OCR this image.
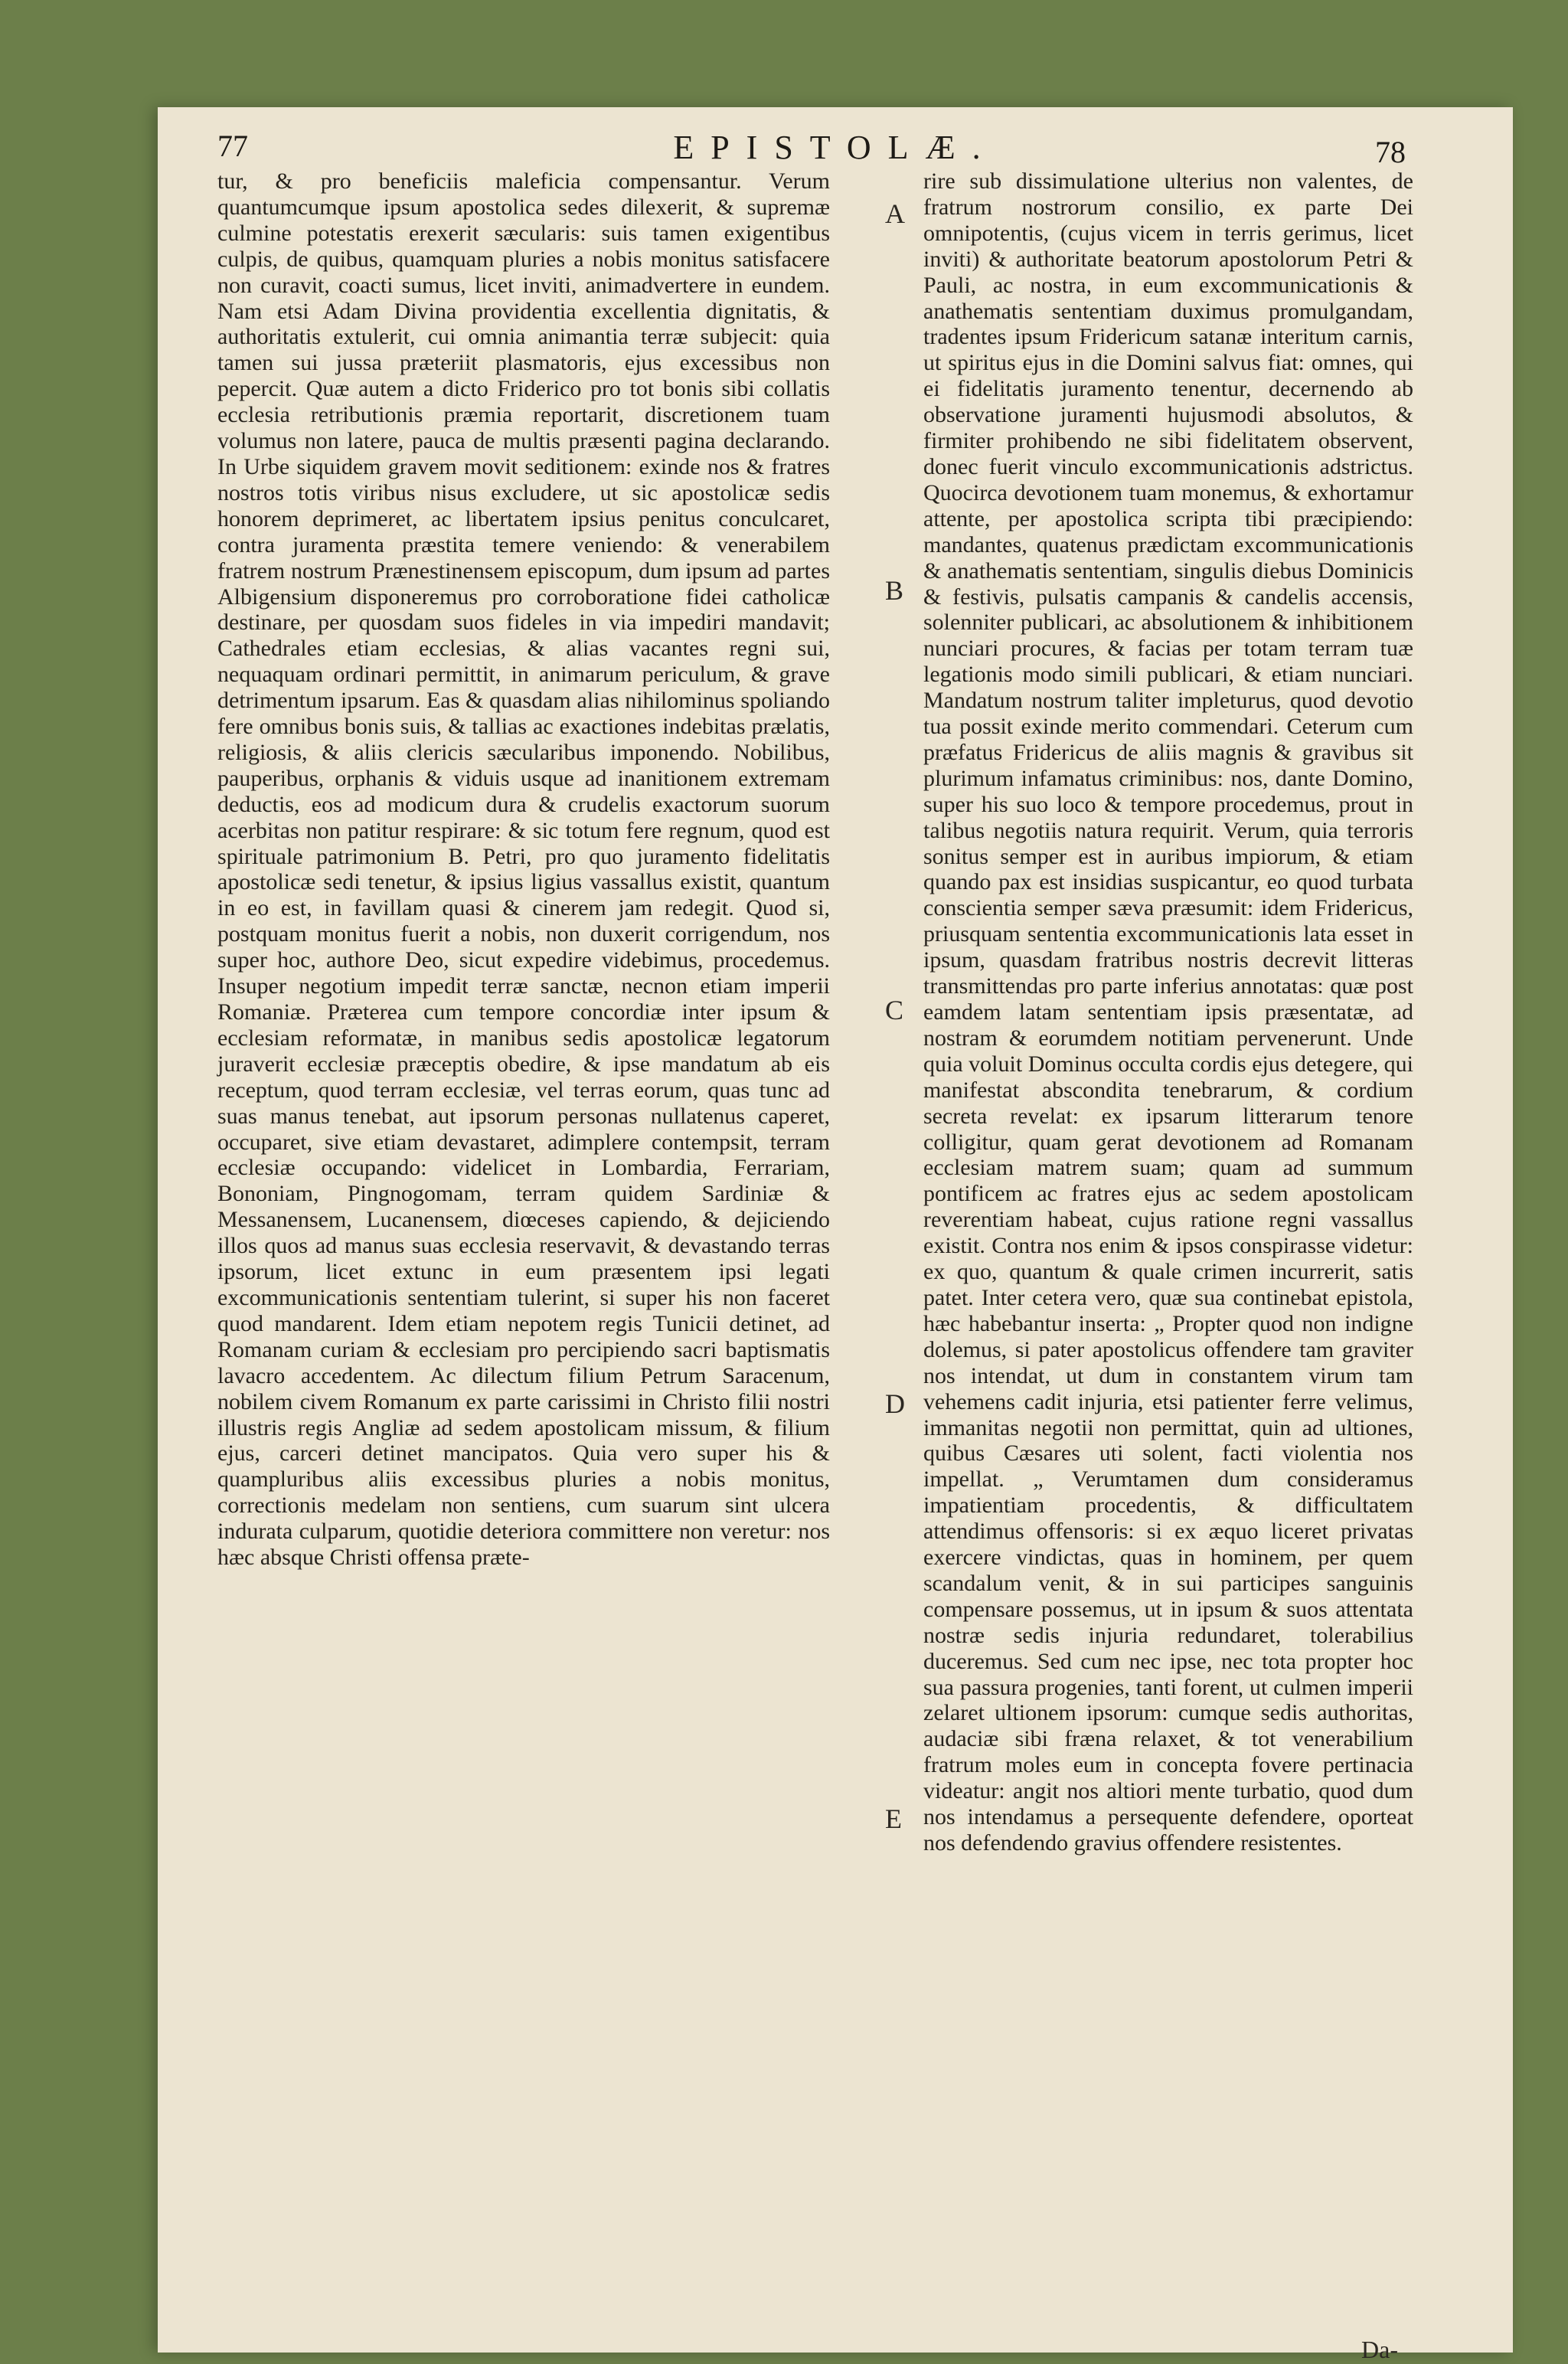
77	EPISTOLÆ.	78

tur, & pro beneficiis maleficia compensantur. Verum quantumcumque ipsum apostolica sedes dilexerit, & supremæ culmine potestatis erexerit sæcularis: suis tamen exigentibus culpis, de quibus, quamquam pluries a nobis monitus satisfacere non curavit, coacti sumus, licet inviti, animadvertere in eundem. Nam etsi Adam Divina providentia excellentia dignitatis, & authoritatis extulerit, cui omnia animantia terræ subjecit: quia tamen sui jussa præteriit plasmatoris, ejus excessibus non pepercit. Quæ autem a dicto Friderico pro tot bonis sibi collatis ecclesia retributionis præmia reportarit, discretionem tuam volumus non latere, pauca de multis præsenti pagina declarando. In Urbe siquidem gravem movit seditionem: exinde nos & fratres nostros totis viribus nisus excludere, ut sic apostolicæ sedis honorem deprimeret, ac libertatem ipsius penitus conculcaret, contra juramenta præstita temere veniendo: & venerabilem fratrem nostrum Prænestinensem episcopum, dum ipsum ad partes Albigensium disponeremus pro corroboratione fidei catholicæ destinare, per quosdam suos fideles in via impediri mandavit; Cathedrales etiam ecclesias, & alias vacantes regni sui, nequaquam ordinari permittit, in animarum periculum, & grave detrimentum ipsarum. Eas & quasdam alias nihilominus spoliando fere omnibus bonis suis, & tallias ac exactiones indebitas prælatis, religiosis, & aliis clericis sæcularibus imponendo. Nobilibus, pauperibus, orphanis & viduis usque ad inanitionem extremam deductis, eos ad modicum dura & crudelis exactorum suorum acerbitas non patitur respirare: & sic totum fere regnum, quod est spirituale patrimonium B. Petri, pro quo juramento fidelitatis apostolicæ sedi tenetur, & ipsius ligius vassallus existit, quantum in eo est, in favillam quasi & cinerem jam redegit. Quod si, postquam monitus fuerit a nobis, non duxerit corrigendum, nos super hoc, authore Deo, sicut expedire videbimus, procedemus. Insuper negotium impedit terræ sanctæ, necnon etiam imperii Romaniæ. Præterea cum tempore concordiæ inter ipsum & ecclesiam reformatæ, in manibus sedis apostolicæ legatorum juraverit ecclesiæ præceptis obedire, & ipse mandatum ab eis receptum, quod terram ecclesiæ, vel terras eorum, quas tunc ad suas manus tenebat, aut ipsorum personas nullatenus caperet, occuparet, sive etiam devastaret, adimplere contempsit, terram ecclesiæ occupando: videlicet in Lombardia, Ferrariam, Bononiam, Pingnogomam, terram quidem Sardiniæ & Messanensem, Lucanensem, diœceses capiendo, & dejiciendo illos quos ad manus suas ecclesia reservavit, & devastando terras ipsorum, licet extunc in eum præsentem ipsi legati excommunicationis sententiam tulerint, si super his non faceret quod mandarent. Idem etiam nepotem regis Tunicii detinet, ad Romanam curiam & ecclesiam pro percipiendo sacri baptismatis lavacro accedentem. Ac dilectum filium Petrum Saracenum, nobilem civem Romanum ex parte carissimi in Christo filii nostri illustris regis Angliæ ad sedem apostolicam missum, & filium ejus, carceri detinet mancipatos. Quia vero super his & quampluribus aliis excessibus pluries a nobis monitus, correctionis medelam non sentiens, cum suarum sint ulcera indurata culparum, quotidie deteriora committere non veretur: nos hæc absque Christi offensa præte-

rire sub dissimulatione ulterius non valentes, de fratrum nostrorum consilio, ex parte Dei omnipotentis, (cujus vicem in terris gerimus, licet inviti) & authoritate beatorum apostolorum Petri & Pauli, ac nostra, in eum excommunicationis & anathematis sententiam duximus promulgandam, tradentes ipsum Fridericum satanæ interitum carnis, ut spiritus ejus in die Domini salvus fiat: omnes, qui ei fidelitatis juramento tenentur, decernendo ab observatione juramenti hujusmodi absolutos, & firmiter prohibendo ne sibi fidelitatem observent, donec fuerit vinculo excommunicationis adstrictus. Quocirca devotionem tuam monemus, & exhortamur attente, per apostolica scripta tibi præcipiendo: mandantes, quatenus prædictam excommunicationis & anathematis sententiam, singulis diebus Dominicis & festivis, pulsatis campanis & candelis accensis, solenniter publicari, ac absolutionem & inhibitionem nunciari procures, & facias per totam terram tuæ legationis modo simili publicari, & etiam nunciari. Mandatum nostrum taliter impleturus, quod devotio tua possit exinde merito commendari. Ceterum cum præfatus Fridericus de aliis magnis & gravibus sit plurimum infamatus criminibus: nos, dante Domino, super his suo loco & tempore procedemus, prout in talibus negotiis natura requirit. Verum, quia terroris sonitus semper est in auribus impiorum, & etiam quando pax est insidias suspicantur, eo quod turbata conscientia semper sæva præsumit: idem Fridericus, priusquam sententia excommunicationis lata esset in ipsum, quasdam fratribus nostris decrevit litteras transmittendas pro parte inferius annotatas: quæ post eamdem latam sententiam ipsis præsentatæ, ad nostram & eorumdem notitiam pervenerunt. Unde quia voluit Dominus occulta cordis ejus detegere, qui manifestat abscondita tenebrarum, & cordium secreta revelat: ex ipsarum litterarum tenore colligitur, quam gerat devotionem ad Romanam ecclesiam matrem suam; quam ad summum pontificem ac fratres ejus ac sedem apostolicam reverentiam habeat, cujus ratione regni vassallus existit. Contra nos enim & ipsos conspirasse videtur: ex quo, quantum & quale crimen incurrerit, satis patet. Inter cetera vero, quæ sua continebat epistola, hæc habebantur inserta: „ Propter quod non indigne dolemus, si pater apostolicus offendere tam graviter nos intendat, ut dum in constantem virum tam vehemens cadit injuria, etsi patienter ferre velimus, immanitas negotii non permittat, quin ad ultiones, quibus Cæsares uti solent, facti violentia nos impellat. „ Verumtamen dum consideramus impatientiam procedentis, & difficultatem attendimus offensoris: si ex æquo liceret privatas exercere vindictas, quas in hominem, per quem scandalum venit, & in sui participes sanguinis compensare possemus, ut in ipsum & suos attentata nostræ sedis injuria redundaret, tolerabilius duceremus. Sed cum nec ipse, nec tota propter hoc sua passura progenies, tanti forent, ut culmen imperii zelaret ultionem ipsorum: cumque sedis authoritas, audaciæ sibi fræna relaxet, & tot venerabilium fratrum moles eum in concepta fovere pertinacia videatur: angit nos altiori mente turbatio, quod dum nos intendamus a persequente defendere, oporteat nos defendendo gravius offendere resistentes.

A
B
C
D
E
Da-
